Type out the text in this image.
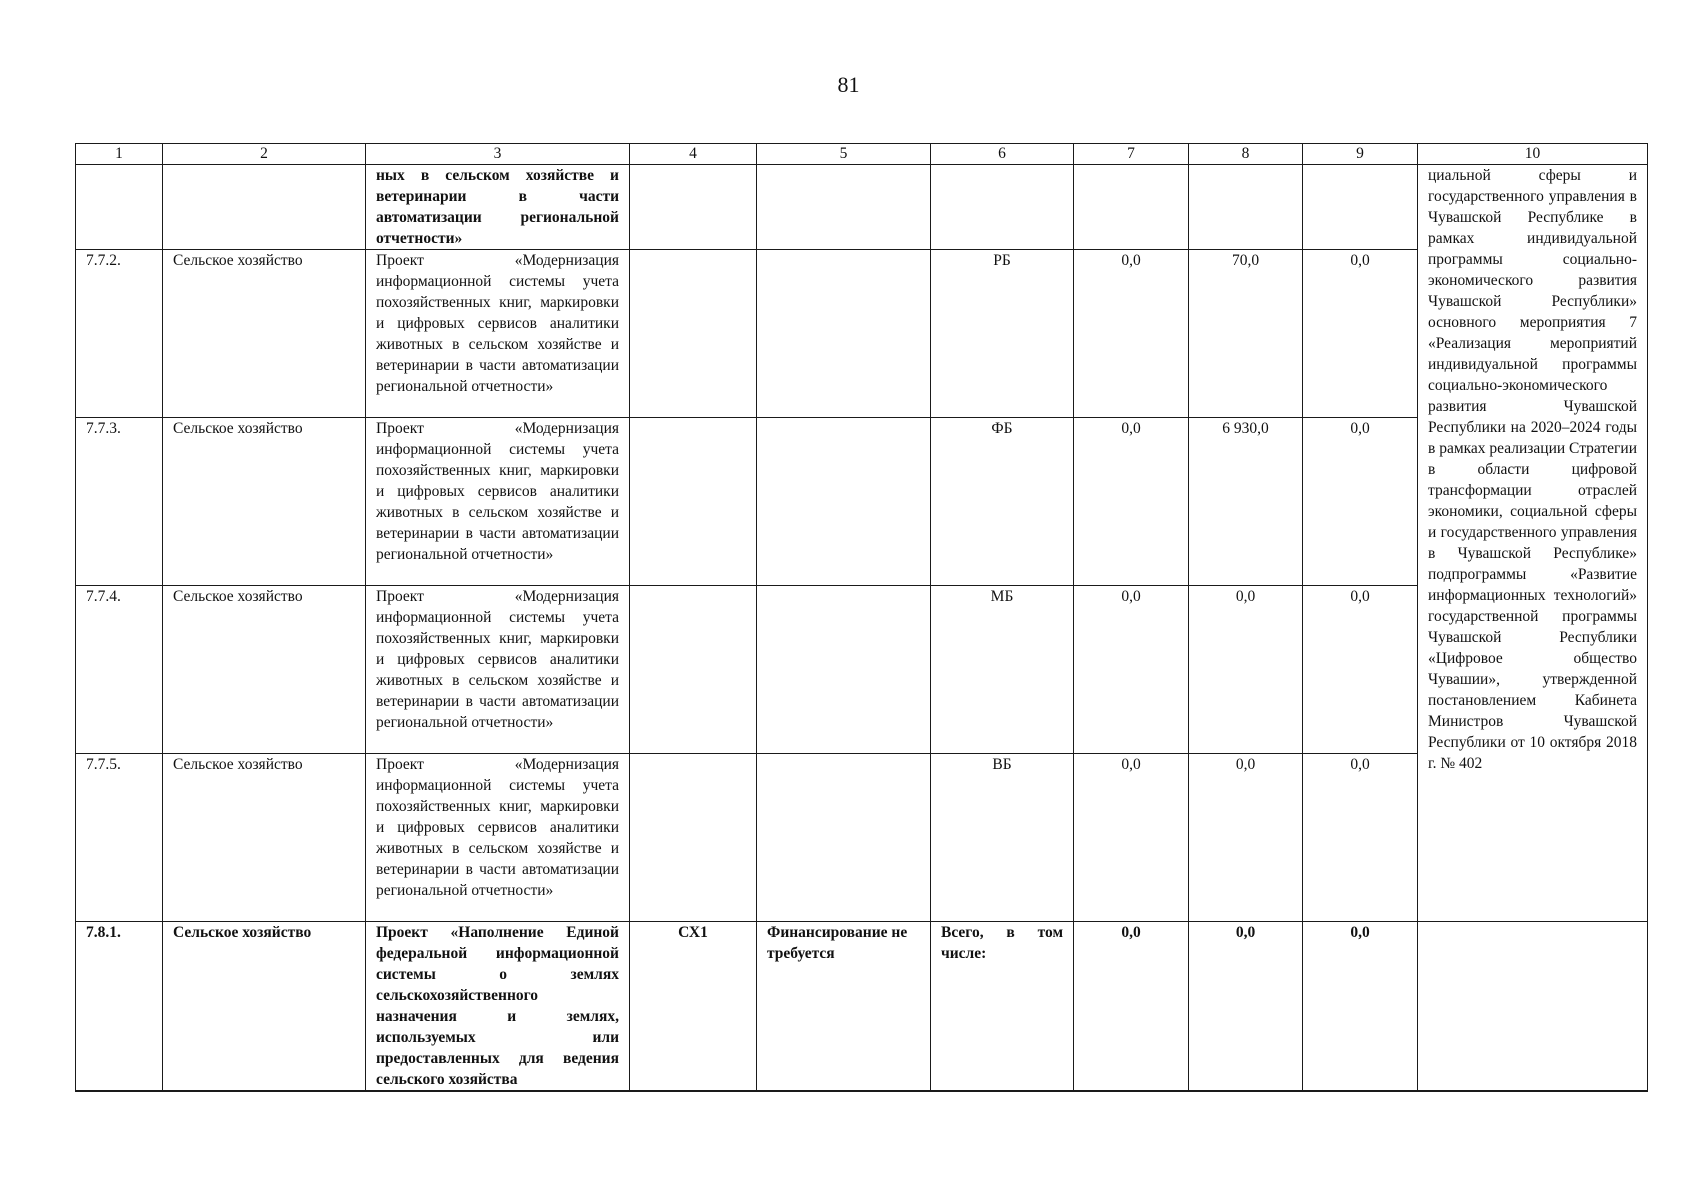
81
1	2	3	4	5	6	7	8	9	10
		ных в сельском хозяйстве и ветеринарии в части автоматизации региональной отчетности»							циальной сферы и государственного управления в Чувашской Республике в рамках индивидуальной программы социально-экономического развития Чувашской Республики» основного мероприятия 7 «Реализация мероприятий индивидуальной программы социально-экономического развития Чувашской Республики на 2020–2024 годы в рамках реализации Стратегии в области цифровой трансформации отраслей экономики, социальной сферы и государственного управления в Чувашской Республике» подпрограммы «Развитие информационных технологий» государственной программы Чувашской Республики «Цифровое общество Чувашии», утвержденной постановлением Кабинета Министров Чувашской Республики от 10 октября 2018 г. № 402
7.7.2.	Сельское хозяйство	Проект «Модернизация информационной системы учета похозяйственных книг, маркировки и цифровых сервисов аналитики животных в сельском хозяйстве и ветеринарии в части автоматизации региональной отчетности»			РБ	0,0	70,0	0,0	
7.7.3.	Сельское хозяйство	Проект «Модернизация информационной системы учета похозяйственных книг, маркировки и цифровых сервисов аналитики животных в сельском хозяйстве и ветеринарии в части автоматизации региональной отчетности»			ФБ	0,0	6 930,0	0,0	
7.7.4.	Сельское хозяйство	Проект «Модернизация информационной системы учета похозяйственных книг, маркировки и цифровых сервисов аналитики животных в сельском хозяйстве и ветеринарии в части автоматизации региональной отчетности»			МБ	0,0	0,0	0,0	
7.7.5.	Сельское хозяйство	Проект «Модернизация информационной системы учета похозяйственных книг, маркировки и цифровых сервисов аналитики животных в сельском хозяйстве и ветеринарии в части автоматизации региональной отчетности»			ВБ	0,0	0,0	0,0	
7.8.1.	Сельское хозяйство	Проект «Наполнение Единой федеральной информационной системы о землях сельскохозяйственного назначения и землях, используемых или предоставленных для ведения сельского хозяйства	СХ1	Финансирование не требуется	Всего, в том числе:	0,0	0,0	0,0	
